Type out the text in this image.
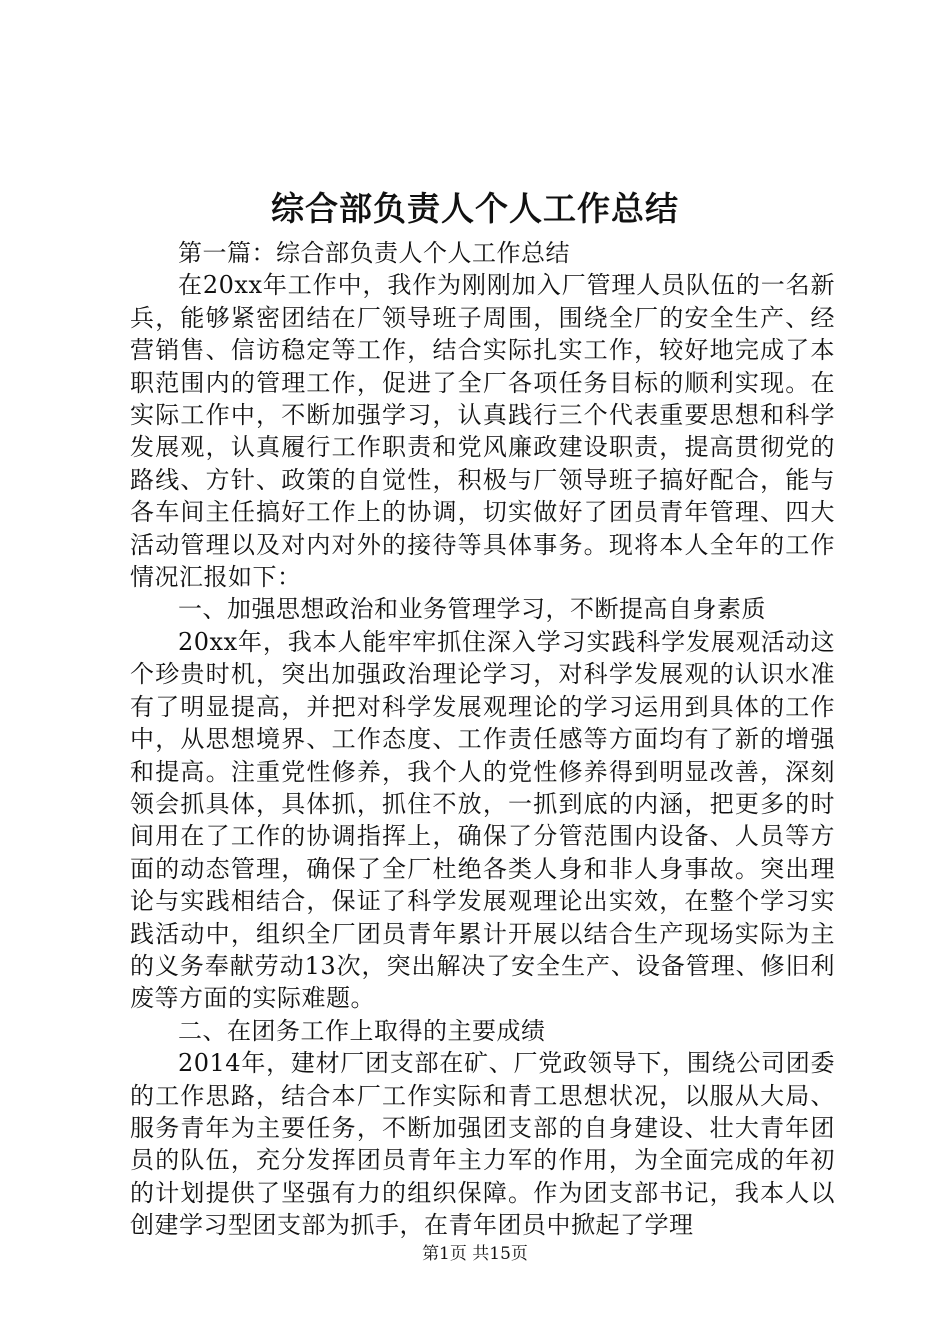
综合部负责人个人工作总结

第一篇：综合部负责人个人工作总结

在20xx年工作中，我作为刚刚加入厂管理人员队伍的一名新兵，能够紧密团结在厂领导班子周围，围绕全厂的安全生产、经营销售、信访稳定等工作，结合实际扎实工作，较好地完成了本职范围内的管理工作，促进了全厂各项任务目标的顺利实现。在实际工作中，不断加强学习，认真践行三个代表重要思想和科学发展观，认真履行工作职责和党风廉政建设职责，提高贯彻党的路线、方针、政策的自觉性，积极与厂领导班子搞好配合，能与各车间主任搞好工作上的协调，切实做好了团员青年管理、四大活动管理以及对内对外的接待等具体事务。现将本人全年的工作情况汇报如下：

一、加强思想政治和业务管理学习，不断提高自身素质

20xx年，我本人能牢牢抓住深入学习实践科学发展观活动这个珍贵时机，突出加强政治理论学习，对科学发展观的认识水准有了明显提高，并把对科学发展观理论的学习运用到具体的工作中，从思想境界、工作态度、工作责任感等方面均有了新的增强和提高。注重党性修养，我个人的党性修养得到明显改善，深刻领会抓具体，具体抓，抓住不放，一抓到底的内涵，把更多的时间用在了工作的协调指挥上，确保了分管范围内设备、人员等方面的动态管理，确保了全厂杜绝各类人身和非人身事故。突出理论与实践相结合，保证了科学发展观理论出实效，在整个学习实践活动中，组织全厂团员青年累计开展以结合生产现场实际为主的义务奉献劳动13次，突出解决了安全生产、设备管理、修旧利废等方面的实际难题。

二、在团务工作上取得的主要成绩

2014年，建材厂团支部在矿、厂党政领导下，围绕公司团委的工作思路，结合本厂工作实际和青工思想状况，以服从大局、服务青年为主要任务，不断加强团支部的自身建设、壮大青年团员的队伍，充分发挥团员青年主力军的作用，为全面完成的年初的计划提供了坚强有力的组织保障。作为团支部书记，我本人以创建学习型团支部为抓手，在青年团员中掀起了学理

第1页 共15页
